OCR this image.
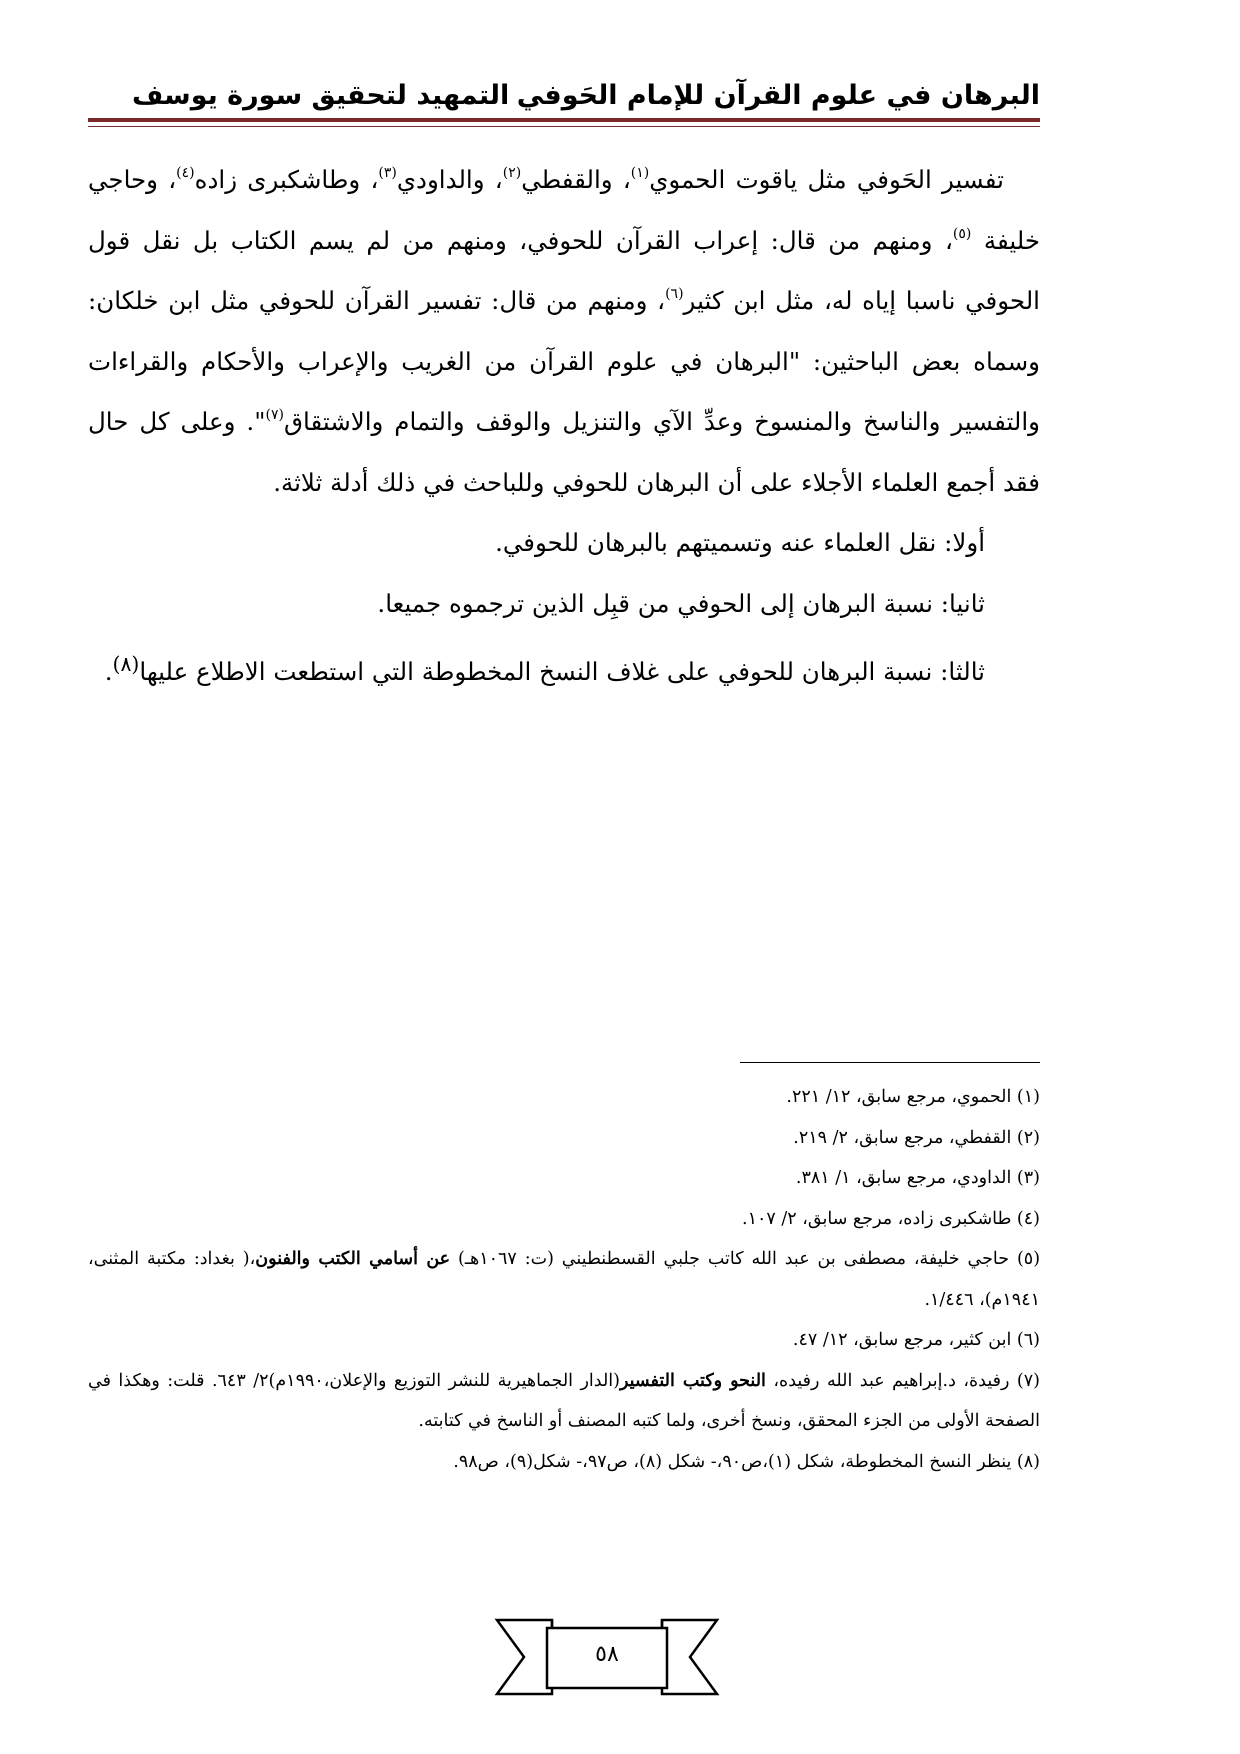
البرهان في علوم القرآن للإمام الحَوفي
التمهيد لتحقيق سورة يوسف

تفسير الحَوفي مثل ياقوت الحموي$^{(١)}$، والقفطي$^{(٢)}$، والداودي$^{(٣)}$، وطاشكبرى زاده$^{(٤)}$، وحاجي خليفة $^{(٥)}$، ومنهم من قال: إعراب القرآن للحوفي، ومنهم من لم يسم الكتاب بل نقل قول الحوفي ناسبا إياه له، مثل ابن كثير$^{(٦)}$، ومنهم من قال: تفسير القرآن للحوفي مثل ابن خلكان: وسماه بعض الباحثين: "البرهان في علوم القرآن من الغريب والإعراب والأحكام والقراءات والتفسير والناسخ والمنسوخ وعدِّ الآي والتنزيل والوقف والتمام والاشتقاق$^{(٧)}$". وعلى كل حال فقد أجمع العلماء الأجلاء على أن البرهان للحوفي وللباحث في ذلك أدلة ثلاثة.

أولا: نقل العلماء عنه وتسميتهم بالبرهان للحوفي.

ثانيا: نسبة البرهان إلى الحوفي من قبِل الذين ترجموه جميعا.

ثالثا: نسبة البرهان للحوفي على غلاف النسخ المخطوطة التي استطعت الاطلاع عليها$^{(٨)}$.

(١) الحموي، مرجع سابق، ١٢/ ٢٢١.

(٢) القفطي، مرجع سابق، ٢/ ٢١٩.

(٣) الداودي، مرجع سابق، ١/ ٣٨١.

(٤) طاشكبرى زاده، مرجع سابق، ٢/ ١٠٧.

(٥) حاجي خليفة، مصطفى بن عبد الله كاتب جلبي القسطنطيني (ت: ١٠٦٧هـ) عن أسامي الكتب والفنون،( بغداد: مكتبة المثنى، ١٩٤١م)، ١/٤٤٦.

(٦) ابن كثير، مرجع سابق، ١٢/ ٤٧.

(٧) رفيدة، د.إبراهيم عبد الله رفيده، النحو وكتب التفسير(الدار الجماهيرية للنشر التوزيع والإعلان،١٩٩٠م)٢/ ٦٤٣. قلت: وهكذا في الصفحة الأولى من الجزء المحقق، ونسخ أخرى، ولما كتبه المصنف أو الناسخ في كتابته.

(٨) ينظر النسخ المخطوطة، شكل (١)،ص٩٠،- شكل (٨)، ص٩٧،- شكل(٩)، ص٩٨.

٥٨
